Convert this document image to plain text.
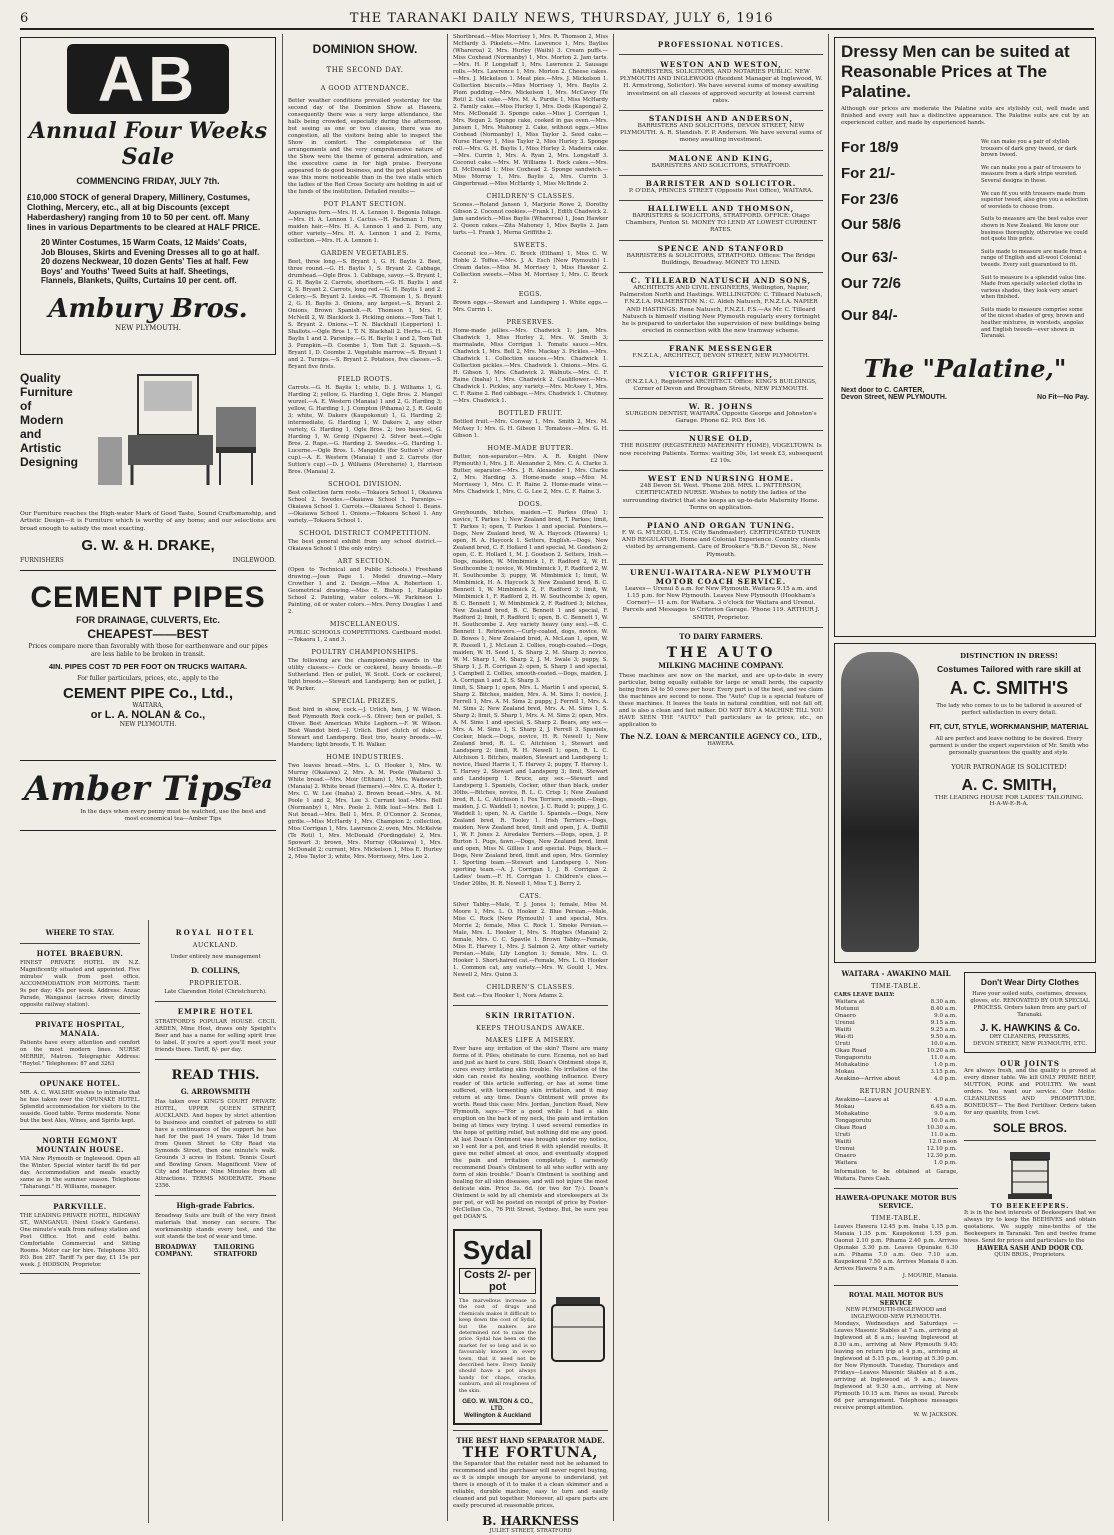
6	THE TARANAKI DAILY NEWS, THURSDAY, JULY 6, 1916
AB
Annual Four Weeks Sale
COMMENCING FRIDAY, JULY 7th.
£10,000 STOCK of general Drapery, Millinery, Costumes, Clothing, Mercery, etc., all at big Discounts (except Haberdashery) ranging from 10 to 50 per cent. off. Many lines in various Departments to be cleared at HALF PRICE.
20 Winter Costumes, 15 Warm Coats, 12 Maids' Coats, Job Blouses, Skirts and Evening Dresses all to go at half. 20 dozens Neckwear, 10 dozen Gents' Ties at half. Few Boys' and Youths' Tweed Suits at half. Sheetings, Flannels, Blankets, Quilts, Curtains 10 per cent. off.
Ambury Bros.
NEW PLYMOUTH.
Quality
Furniture
of
Modern
and
Artistic
Designing
Our Furniture reaches the High-water Mark of Good Taste, Sound Craftsmanship, and Artistic Design—it is Furniture which is worthy of any home; and our selections are broad enough to satisfy the most exacting.
G. W. & H. DRAKE,
FURNISHERS	INGLEWOOD.
CEMENT PIPES
FOR DRAINAGE, CULVERTS, Etc.
CHEAPEST——BEST
Prices compare more than favorably with those for earthenware and our pipes are less liable to be broken in transit.
4IN. PIPES COST 7D PER FOOT ON TRUCKS WAITARA.
For fuller particulars, prices, etc., apply to the
CEMENT PIPE Co., Ltd.,
WAITARA,
or L. A. NOLAN & Co.,
NEW PLYMOUTH.
Amber Tips
Tea
In the days when every penny must be watched, use the best and most economical tea—Amber Tips
WHERE TO STAY.
HOTEL BRAEBURN.
FINEST PRIVATE HOTEL IN N.Z. Magnificently situated and appointed. Five minutes' walk from post office. ACCOMMODATION FOR MOTORS. Tariff: 9s per day; 45s per week. Address: Anzac Parade, Wanganui (across river, directly opposite railway station).
PRIVATE HOSPITAL, MANAIA.
Patients have every attention and comfort on the most modern lines. NURSE MERRIE, Matron. Telegraphic Address: "Roytel." Telephones: 87 and 3263
OPUNAKE HOTEL.
MR. A. C. WALSHE wishes to intimate that he has taken over the OPUNAKE HOTEL. Splendid accommodation for visitors to the seaside. Good table. Terms moderate. None but the best Ales, Wines, and Spirits kept.
NORTH EGMONT MOUNTAIN HOUSE.
VIA New Plymouth or Inglewood. Open all the Winter. Special winter tariff 8s 6d per day. Accommodation and meals exactly same as in the summer season. Telephone "Taharangi." H. Williams, manager.
PARKVILLE.
THE LEADING PRIVATE HOTEL, RIDGWAY ST., WANGANUI. (Next Cook's Gardens). One minute's walk from railway station and Post Office. Hot and cold baths. Comfortable Commercial and Sitting Rooms. Motor car for hire. Telephone 303. P.O. Box 287. Tariff 7s per day, £1 15s per week. J. HODSON, Proprietor.
ROYAL HOTEL
AUCKLAND.
Under entirely new management
D. COLLINS,
PROPRIETOR.
Late Clarendon Hotel (Christchurch).
EMPIRE HOTEL
STRATFORD'S POPULAR HOUSE. CECIL ARDEN, Mine Host, draws only Speight's Beer and has a name for selling spirit true to label. If you're a sport you'll meet your friends there. Tariff, 6/- per day.
READ THIS.
G. ARROWSMITH
Has taken over KING'S COURT PRIVATE HOTEL, UPPER QUEEN STREET, AUCKLAND. And hopes by strict attention to business and comfort of patrons to still have a continuance of the support he has had for the past 14 years. Take 1d tram from Queen Street to City Road via Symonds Street, then one minute's walk. Grounds 3 acres in Extent. Tennis Court and Bowling Green. Magnificent View of City and Harbour. Nine Minutes from all Attractions. TERMS MODERATE. Phone 2356.
High-grade Fabrics.
Broadway Suits are built of the very finest materials that money can secure. The workmanship stands every test, and the suit stands the test of wear and time.
BROADWAY COMPANY.
TAILORING STRATFORD
DOMINION SHOW.
THE SECOND DAY.
A GOOD ATTENDANCE.
Better weather conditions prevailed yesterday for the second day of the Dominion Show at Hawera, consequently there was a very large attendance, the halls being crowded, especially during the afternoon, but seeing as one or two classes, there was no congestion, all the visitors being able to inspect the Show in comfort. The completeness of the arrangements and the very comprehensive nature of the Show were the theme of general admiration, and the executive came in for high praise. Everyone appeared to do good business, and the pot plant section was this more noticeable than in the two stalls which the ladies of the Red Cross Society are holding in aid of the funds of the institution. Detailed results:—
POT PLANT SECTION.
Asparagus fern.—Mrs. H. A. Lennon 1. Begonia foliage.—Mrs. H. A. Lennon 1. Cactus.—H. Packman 1. Fern, maiden hair.—Mrs. H. A. Lennon 1 and 2. Fern, any other variety.—Mrs. H. A. Lennon 1 and 2. Ferns, collection.—Mrs. H. A. Lennon 1.
GARDEN VEGETABLES.
Beet, three long.—S. Bryant 1, G. H. Baylis 2. Beet, three round.—G. H. Baylis 1, S. Bryant 2. Cabbage, drumhead.—Ogle Bros. 1. Cabbage, savoy.—S. Bryant 1, G. H. Baylis 2. Carrots, shorthorn.—G. H. Baylis 1 and 2, S. Bryant 2. Carrots, long red.—G. H. Baylis 1 and 2. Celery.—S. Bryant 2. Leeks.—R. Thomson 1, S. Bryant 2, G. H. Baylis 3. Onions, any largest.—S. Bryant 2. Onions, Brown Spanish.—R. Thomson 1, Mrs. F. McNeill 2, W. Blacklock 3. Pickling onions.—Tom Tait 1, S. Bryant 2. Onions.—T. N. Blackhall (Lepperton) 1. Shallots.—Ogle Bros 1, T. N. Blackhall 2. Herbs.—G. H. Baylis 1 and 2. Parsnips.—G. H. Baylis 1 and 2, Tom Tait 3. Pumpkin.—D. Coombe 1, Tom Tait 2. Squash.—S. Bryant 1, D. Coombe 2. Vegetable marrow.—S. Bryant 1 and 2. Turnips.—S. Bryant 2. Potatoes, five classes.—S. Bryant five firsts.
FIELD ROOTS.
Carrots.—G. H. Baylis 1; white, D. J. Williams 1, G. Harding 2; yellow, G. Harding 1, Ogle Bros. 2. Mangel wurzel.—A. E. Western (Manaia) 1 and 2, G. Harding 3; yellow, G. Harding 1, J. Compton (Pihama) 2, J. R. Gould 3; white, W. Dakers (Kaupokonui) 1, G. Harding 2; intermediate, G. Harding 1, W. Dakers 2, any other variety, G. Harding 1, Ogle Bros. 2; two heaviest, G. Harding 1, W. Greig (Ngaere) 2. Silver beet.—Ogle Bros. 2. Rape.—G. Harding 2. Swedes.—G. Harding 1. Lucerne.—Ogle Bros. 1. Mangolds (for Sutton's' silver cup).—A. E. Western (Manaia) 1 and 2. Carrots (for Sutton's cup).—D. J. Williams (Mereherie) 1, Harrison Bros. (Manaia) 2.
SCHOOL DIVISION.
Best collection farm roots.—Tokaora School 1, Okaiawa School 2. Swedes.—Okaiawa School 1. Parsnips.—Okaiawa School 1. Carrots.—Okaiawa School 1. Beans.—Okaiawa School 1. Onions.—Tokaora School 1. Any variety.—Tokaora School 1.
SCHOOL DISTRICT COMPETITION.
The best general exhibit from any school district.—Okaiawa School 1 (the only entry).
ART SECTION.
(Open to Technical and Public Schools.) Freehand drawing.—Joan Page 1. Model drawing.—Mary Crowther 1 and 2. Design.—Miss A. Robertson 1. Geometrical drawing.—Miss E. Bishop 1, Eatapiko School 2. Painting, water colors.—W. Parkinson 1. Painting, oil or water colors.—Mrs. Percy Douglas 1 and 2.
MISCELLANEOUS.
PUBLIC SCHOOLS COMPETITIONS. Cardboard model.—Tokaora 1, 2 and 3.
POULTRY CHAMPIONSHIPS.
The following are the championship awards in the utility classes:— Cock or cockerel, heavy breeds.—P. Sutherland. Hen or pullet, W. Scott. Cock or cockerel, light breeds.—Stewart and Landsperg; hen or pullet, J. W. Parker.
SPECIAL PRIZES.
Best bird in show, cock.—J. Urlich, hen, J. W. Wilson. Best Plymouth Rock cock.—S. Oliver; hen or pullet, S. Oliver. Best American White Leghorn.—F. W. Wilson. Best Wandot bird.—J. Urlich. Best clutch of duks.—Stewart and Landsperg. Best trio, heavy breeds.—W. Manders; light breeds, T. H. Walker.
HOME INDUSTRIES.
Two loaves bread.—Mrs. L. O. Hooker 1, Mrs. W. Murray (Okaiawa) 2, Mrs. A. M. Poole (Waitara) 3. White bread.—Mrs. Moir (Eltham) 1, Mrs. Wadsworth (Manaia) 2. White bread (farmers).—Mrs. C. A. Roder 1, Mrs. C. W. Lee (Inaha) 2. Brown bread.—Mrs. A. M. Poole 1 and 2, Mrs. Lee 3. Currant loaf.—Mrs. Bell (Normanby) 1, Mrs. Poole 2. Milk loaf.—Mrs. Bell 1. Nut bread.—Mrs. Bell 1, Mrs. P. O'Connor 2. Scones, girdle.—Miss McHardy 1, Mrs. Champion 2; collection, Miss Corrigan 1, Mrs. Lawrence 2; oven, Mrs. McKelvie (Te Roti) 1, Mrs. McDonald (Fordingdale) 2, Mrs. Spowart 3; brown, Mrs. Murray (Okaiawa) 1, Mrs. McDonald 2; currant, Mrs. Mickelson 1, Miss E. Hurley 2, Miss Taylor 3; white, Mrs. Morrissey, Mrs. Lee 2.
Shortbread.—Miss Morrisey 1, Mrs. R. Thomson 2, Miss McHardy 3. Pikelets.—Mrs. Lawrence 1, Mrs. Bayliss (Whareroa) 2, Mrs. Hurley (Waihi) 3. Cream puffs.—Miss Coxhead (Normanby) 1, Mrs. Morton 2. Jam tarts.—Mrs. H. P. Longstaff 1, Mrs. Lawrence 2. Sausage rolls.—Mrs. Lawrence 1, Mrs. Morton 2. Cheese cakes.—Mrs. J. Mickelson 1. Meat pies.—Mrs. J. Mickelson 1. Collection biscuits.—Miss Morrisey 1, Mrs. Baylis 2. Plum pudding.—Mrs. Mickelson 1, Mrs. McCavey (Te Roti) 2. Oat cake.—Mrs. M. A. Purdie 1, Miss McHardy 2. Family cake.—Miss Hurley 1, Mrs. Dods (Kaponga) 2, Mrs. McDonald 3. Sponge cake.—Miss J. Corrigan 1, Mrs. Regan 2. Sponge cake, cooked in gas oven.—Mrs. Jansen 1, Mrs. Mahoney 2. Cake, without eggs.—Miss Coxhead (Normanby) 1, Miss Taylor 2. Seed cake.—Nurse Harvey 1, Miss Taylor 2, Miss Hurley 3. Sponge roll.—Mrs. G. H. Baylis 1, Miss Hurley 2. Madeira cake.—Mrs. Currin 1, Mrs. A. Ryan 2, Mrs. Longstaff 3. Coconut cake.—Mrs. M. Williams 1. Rock cakes.—Mrs. D. McDonald 1; Miss Coxhead 2. Sponge sandwich.—Miss Morray 1, Mrs. Baylis 2, Mrs. Currin 3. Gingerbread.—Miss McHardy 1, Miss McBride 2.
CHILDREN'S CLASSES.
Scones.—Roland Jansen 1, Marjorie Rowe 2, Dorothy Gibson 2. Coconut cookies.—Frank 1, Edith Chadwick 2. Jam sandwich.—Miss Baylis (Whareroa) 1, Joan Hawker 2. Queen cakes.—Zita Mahoney 1, Miss Baylis 2. Jam tarts.—I. Frank 1, Merna Griffiths 2.
SWEETS.
Coconut ice.—Mrs. C. Brock (Eltham) 1, Miss C. W. Hoble 2. Toffee.—Mrs. J. A. Esch (New Plymouth) 1. Cream dates.—Miss M. Morrisey 1, Miss Hawker 2. Collection sweets.—Miss M. Morrisey 1, Mrs. C. Brock 2.
EGGS.
Brown eggs.—Stewart and Landsperg 1. White eggs.—Mrs. Currin 1.
PRESERVES.
Home-made jellies.—Mrs. Chadwick 1; jam, Mrs. Chadwick 1, Miss Hurley 2, Mrs. W. Smith 3; marmalade, Miss Corrigan 1. Tomato sauce.—Mrs. Chadwick 1, Mrs. Bell 2, Mrs. Mackay 3. Pickles.—Mrs. Chadwick 1. Collection sauces.—Mrs. Chadwick 1. Collection pickles.—Mrs. Chadwick 1. Onions.—Mrs. G. H. Gibson 1, Mrs. Chadwick 2. Walnuts.—Mrs. C. F. Raine (Inaha) 1, Mrs. Chadwick 2. Cauliflower.—Mrs. Chadwick 1. Pickles, any variety.—Mrs. McAsey 1, Mrs. C. F. Raine 2. Red cabbage.—Mrs. Chadwick 1. Chutney.—Mrs. Chadwick 1.
BOTTLED FRUIT.
Bottled fruit.—Mrs. Conway 1, Mrs. Smith 2, Mrs. M. McAsey 1; Mrs. G. H. Gibson 1. Tomatoes.—Mrs. G. H. Gibson 1.
HOME-MADE BUTTER.
Butter, non-separator.—Mrs. A. R. Knight (New Plymouth) 1, Mrs. J. E. Alexander 2, Mrs. C. A. Clarke 3. Butter, separator.—Mrs. J. R. Alexander 1, Mrs. Clarke 2, Mrs. Harding 3. Home-made soap.—Miss M. Morrissey 1, Mrs. C. F. Raine 2. Home-made wine.—Mrs. Chadwick 1, Mrs. C. G. Lee 2, Mrs. C. F. Raine 3.
DOGS.
Greyhounds, bitches, maiden.—T. Parkes (Hea) 1; novice, T. Parkes 1; New Zealand bred, T. Parkes; limit, T. Parkes 1; open, T. Parkes 1 and special. Pointers.—Dogs, New Zealand bred, W. A. Haycock (Hawera) 1; open, H. A. Haycock 1. Setters, English.—Dogs, New Zealand bred, C. F. Hollard 1 and special, M. Goodson 2; open, C. E. Hollard 1, M. J. Goodson 2. Setters, Irish.—Dogs, maiden, W. Mimbimick 1, F. Radford 2, W. H. Southcombe 3; novice, W. Mimbimick 1, F. Radford 2, W. H. Southcombe 3; puppy, W. Mimbimick 1; limit, W. Mimbimick, H. A. Haycock 3; New Zealand bred, B. C. Bennett 1, W. Mimbimick 2, F. Radford 3; limit, W. Mimbimick 1, F. Radford 2, H. W. Southcombe 3; open, B. C. Bennett 1, W. Mimbimick 2, F. Radford 3; bitches, New Zealand bred, B. C. Bennett 1 and special, F. Radford 2; limit, F. Radford 1; open, B. C. Bennett 1, W. H. Southcombe 2. Any variety heavy (any sex).—B. C. Bennett 1. Retrievers.—Curly-coated, dogs, novice, W. D. Bowes 1, New Zealand bred, A. McLean 1, open, W. R. Russell 1, J. McLean 2. Collies, rough-coated.—Dogs, maiden, W. H. Seed 1, S. Sharp 2, M. Sharp 3; novice, W. M. Sharp 1, M. Sharp 2, J. M. Swale 3; puppy, S. Sharp 1, J. R. Corrigan 2; open, S. Sharp 1 and special, J. Campbell 2. Collies, smooth-coated.—Dogs, maiden, J. A. Corrigan 1 and 2, S. Sharp 3.
limit, S. Sharp 1; open, Mrs. L. Martin 1 and special, S. Sharp 2. Bitches, maiden, Mrs. A. M. Sims 1; novice, J. Ferrell 1, Mrs. A. M. Sims 2; puppy, J. Ferrell 1, Mrs. A. M. Sims 2; New Zealand bred, Mrs. A. M. Sims 1, S. Sharp 2; limit, S. Sharp 1, Mrs. A. M. Sims 2; open, Mrs. A. M. Sims 1 and special, S. Sharp 2. Bears, any sex.—Mrs. A. M. Sims 1, S. Sharp 2, J. Ferrell 3. Spaniels, Cocker, black.—Dogs, novice, H. R. Newell 1; New Zealand bred, R. L. C. Aitchison 1, Stewart and Landsperg 2; limit, R. H. Newell 1; open, R. L. C. Aitchison 1. Bitches, maiden, Stewart and Landsperg 1; novice, Hazel Harris 1, T. Harvey 2; puppy, T. Harvey 1, T. Harvey 2, Stewart and Landsperg 3; limit, Stewart and Landsperg 1. Bruce, any sex.—Stewart and Landsperg 1. Spaniels, Cocker, other than black, under 30lbs.—Bitches, novice, R. L. C. Crisp 1; New Zealand bred, R. L. C. Aitchison 1. Fox Terriers, smooth.—Dogs, maiden, J. C. Waddell 1; novice, J. C. Rudd 1; puppy, J. C. Waddell 1; open, N. A. Carlile 1. Spaniels.—Dogs, New Zealand bred, R. Tooley 1. Irish Terriers.—Dogs, maiden, New Zealand bred, limit and open, J. A. Duffill 1, W. F. Jones 2. Airedales Terriers.—Dogs, open, J. P. Burton 1. Pugs, fawn.—Dogs, New Zealand bred, limit and open, Miss N. Gillies 1 and special. Pugs, black.—Dogs, New Zealand bred, limit and open, Mrs. Gormley 1. Sporting team.—Stewart and Landsperg 1. Non-sporting team.—A. J. Corrigan 1, J. B. Corrigan 2. Ladies' team.—F. H. Corrigan 1. Children's class.—Under 20lbs, H. R. Newell 1, Miss T. J. Berry 2.
CATS.
Silver Tabby.—Male, T. J. Jones 1; female, Miss M. Moore 1, Mrs. L. O. Hooker 2. Blue Persian.—Male, Miss C. Rock (New Plymouth) 1 and special, Mrs. Morrie 2; female, Miss C. Rock 1. Smoke Persian.—Male, Mrs. L. Hooker 1, Mrs. S. Hughes (Manaia) 2; female, Mrs. C. C. Spavile 1. Brown Tabby.—Female, Miss E. Harvey 1, Mrs. J. Salmon 2. Any other variety Persian.—Male, Lily Longton 1; female, Mrs. L. O. Hooker 1. Short-haired cat.—Female, Mrs. L. O. Hooker 1. Common cat, any variety.—Mrs. W. Gould 1, Mrs. Newell 2, Mrs. Quinn 3.
CHILDREN'S CLASSES.
Best cat.—Eva Hooker 1, Nora Adams 2.
SKIN IRRITATION.
KEEPS THOUSANDS AWAKE.
MAKES LIFE A MISERY.
Ever have any irritation of the skin? There are many forms of it. Piles, obstinate to cure. Eczema, not so bad and just as hard to cure. Still, Doan's Ointment stops it, cures every irritating skin trouble. No irritation of the skin can resist its healing, soothing influence. Every reader of this article suffering, or has at some time suffered, with tormenting skin irritation, and it may return at any time. Doan's Ointment will prove its worth. Read this case: Mrs. Jordan, Junction Road, New Plymouth, says:—"For a good while I had a skin eruption on the back of my neck, the pain and irritation being at times very trying. I used several remedies in the hope of getting relief, but nothing did me any good. At last Doan's Ointment was brought under my notice, so I sent for a pot, and tried it with splendid results. It gave me relief almost at once, and eventually stopped the pain and irritation completely. I earnestly recommend Doan's Ointment to all who suffer with any form of skin trouble." Doan's Ointment is soothing and healing for all skin diseases, and will not injure the most delicate skin. Price 3s. 6d. (or two for 7/-). Doan's Ointment is sold by all chemists and storekeepers at 3s per pot, or will be posted on receipt of price by Foster-McClellan Co., 76 Pitt Street, Sydney. But, be sure you get DOAN'S.
Sydal
Costs 2/- per pot
The marvellous increase in the cost of drugs and chemicals makes it difficult to keep down the cost of Sydal, but the makers are determined not to raise the price. Sydal has been on the market for so long and is so favourably known in every town, that it need not be described here. Every family should have a pot always handy for chaps, cracks, sunburn, and all roughness of the skin.
GEO. W. WILTON & CO., LTD.
Wellington & Auckland
THE BEST HAND SEPARATOR MADE.
THE FORTUNA,
the Separator that the retailer need not be ashamed to recommend and the purchaser will never regret buying, as it is simple enough for anyone to understand, yet there is enough of it to make it a clean skimmer and a reliable, durable machine, easy to turn and easily cleaned and put together. Moreover, all spare parts are easily procured at reasonable prices.
B. HARKNESS
JULIET STREET, STRATFORD
Dressy Men can be suited at Reasonable Prices at The Palatine.
Although our prices are moderate the Palatine suits are stylishly cut, well made and finished and every suit has a distinctive appearance. The Palatine suits are cut by an experienced cutter, and made by experienced hands.
For 18/9	We can make you a pair of stylish trousers of dark grey tweed, or dark brown tweed.
For 21/-	We can make you a pair of trousers to measure from a dark stripe worsted. Several designs in these.
For 23/6	We can fit you with trousers made from superior tweed, also give you a selection of worsteds to choose from.
Our 58/6	Suits to measure are the best value ever shown in New Zealand. We know our business thoroughly, otherwise we could not quote this price.
Our 63/-	Suits made to measure are made from a range of English and all-wool Colonial tweeds. Every suit guaranteed to fit.
Our 72/6	Suit to measure is a splendid value line. Made from specially selected cloths in various shades, they look very smart when finished.
Our 84/-	Suits made to measure comprise some of the nicest shades of grey, brown and heather mixtures, in worsteds, angolas and English tweeds—ever shown in Taranaki.
The "Palatine,"
Next door to C. CARTER,
Devon Street, NEW PLYMOUTH.	No Fit—No Pay.
DISTINCTION IN DRESS!
Costumes Tailored with rare skill at
A. C. SMITH'S
The lady who comes to us to be tailored is assured of perfect satisfaction in every detail.
FIT, CUT, STYLE, WORKMANSHIP, MATERIAL
All are perfect and leave nothing to be desired. Every garment is under the expert supervision of Mr. Smith who personally guarantees the quality and style.
YOUR PATRONAGE IS SOLICITED!
A. C. SMITH,
THE LEADING HOUSE FOR LADIES' TAILORING.
H-A-W-E-R-A.
WAITARA - AWAKINO MAIL
TIME-TABLE.
CARS LEAVE DAILY:
Waitara at	8.30 a.m.
Motunui	8.40 a.m.
Onaero	9.0 a.m.
Urenui	9.15 a.m.
Waiiti	9.25 a.m.
Wai-iti	9.50 a.m.
Uruti	10.0 a.m.
Okau Road	10.20 a.m.
Tongaporutu	11.0 a.m.
Mohakatino	1.0 p.m.
Mokau	3.15 p.m.
Awakino—Arrive about	4.0 p.m.
RETURN JOURNEY.
Awakino—Leave at	4.0 a.m.
Mokau	6.45 a.m.
Mohakatino	9.0 a.m.
Tongaporutu	10.0 a.m.
Okau Road	10.30 a.m.
Uruti	11.0 a.m.
Waiiti	12.0 noon
Urenui	12.10 p.m.
Onaero	12.30 p.m.
Waitara	1.0 p.m.
Information to be obtained at Garage, Waitara. Fares Cash.
HAWERA-OPUNAKE MOTOR BUS SERVICE.
TIME-TABLE.
Leaves Hawera 12.45 p.m. Inaha 1.15 p.m. Manaia 1.35 p.m. Kaupokonui 1.55 p.m. Oaonui 2.10 p.m. Pihama 2.40 p.m. Arrives Opunake 3.30 p.m. Leaves Opunake 6.30 a.m. Pihama 7.0 a.m. Oeo 7.10 a.m. Kaupokonui 7.50 a.m. Arrives Manaia 8 a.m. Arrives Hawera 9 a.m.
J. MOURIE, Manaia.
ROYAL MAIL MOTOR BUS SERVICE
NEW PLYMOUTH-INGLEWOOD and INGLEWOOD-NEW PLYMOUTH.
Mondays, Wednesdays and Saturdays —Leaves Masonic Stables at 7 a.m., arriving at Inglewood at 8 a.m.; leaving Inglewood at 8.30 a.m., arriving at New Plymouth 9.45; leaving on return trip at 4 p.m., arriving at Inglewood at 5.15 p.m., leaving at 5.30 p.m. for New Plymouth. Tuesday, Thursdays and Fridays—Leaves Masonic Stables at 8 a.m., arriving at Inglewood at 9 a.m.; leaves Inglewood at 9.30 a.m., arriving at New Plymouth 10.15 a.m. Fares as usual. Parcels 6d per arrangement. Telephone messages receive prompt attention.
W. W. JACKSON.
Don't Wear Dirty Clothes
Have your soiled suits, costumes, dresses, gloves, etc. RENOVATED BY OUR SPECIAL PROCESS. Orders taken from any part of Taranaki.
J. K. HAWKINS & Co.
DRY CLEANERS, PRESSERS,
DEVON STREET, NEW PLYMOUTH, ETC.
OUR JOINTS
Are always fresh, and the quality is proved at every dinner table. We kill ONLY PRIME BEEF, MUTTON, PORK and POULTRY. We want orders. You want our service. Our Motto: CLEANLINESS AND PROMPTITUDE. BONEDUST— The Best Fertiliser. Orders taken for any quantity, from 1cwt.
SOLE BROS.
TO BEEKEEPERS.
It is in the best interests of Beekeepers that we always try to keep the BEEHIVES and obtain quotations. We supply nine-tenths of the Beekeepers in Taranaki. Ten and twelve frame hives. Send for prices and particulars to the
HAWERA SASH AND DOOR CO.
QUIN BROS., Proprietors.
PROFESSIONAL NOTICES.
WESTON AND WESTON,
BARRISTERS, SOLICITORS, AND NOTARIES PUBLIC. NEW PLYMOUTH AND INGLEWOOD (Resident Manager at Inglewood, W. H. Armstrong, Solicitor). We have several sums of money awaiting investment on all classes of approved security at lowest current rates.
STANDISH AND ANDERSON,
BARRISTERS AND SOLICITORS, DEVON STREET, NEW PLYMOUTH. A. R. Standish. F. P. Anderson. We have several sums of money awaiting investment.
MALONE AND KING,
BARRISTERS AND SOLICITORS, STRATFORD.
BARRISTER AND SOLICITOR.
P. O'DEA, PRINCES STREET (Opposite Post Office), WAITARA.
HALLIWELL AND THOMSON,
BARRISTERS & SOLICITORS, STRATFORD. OFFICE: Otago Chambers, Fenton St. MONEY TO LEND AT LOWEST CURRENT RATES.
SPENCE AND STANFORD
BARRISTERS & SOLICITORS, STRATFORD. Offices: The Bridge Buildings, Broadway. MONEY TO LEND.
C. TILLEARD NATUSCH AND SONS,
ARCHITECTS AND CIVIL ENGINEERS, Wellington, Napier, Palmerston North and Hastings. WELLINGTON: C. Tilleard Natusch, F.N.Z.I.A. PALMERSTON N.: C. Aldeh Natusch, F.N.Z.I.A. NAPIER AND HASTINGS: Rene Natusch, F.N.Z.I. F.S.—As Mr. C. Tilleard Natusch is himself visiting New Plymouth regularly every fortnight he is prepared to undertake the supervision of new buildings being erected in connection with the new tramway scheme.
FRANK MESSENGER
F.N.Z.I.A., ARCHITECT, DEVON STREET, NEW PLYMOUTH.
VICTOR GRIFFITHS,
(F.N.Z.I.A.), Registered ARCHITECT. Office: KING'S BUILDINGS, Corner of Devon and Brougham Streets, NEW PLYMOUTH.
W. R. JOHNS
SURGEON DENTIST, WAITARA. Opposite George and Johnston's Garage. Phone 62. P.O. Box 16.
NURSE OLD,
THE ROSERY (REGISTERED MATERNITY HOME), VOGELTOWN. Is now receiving Patients. Terms: waiting 30s, 1st week £3, subsequent £2 10s.
WEST END NURSING HOME.
248 Devon St. West. 'Phone 208. MRS. L. PATTERSON, CERTIFICATED NURSE. Wishes to notify the ladies of the surrounding district that she keeps an up-to-date Maternity Home. Terms on application.
PIANO AND ORGAN TUNING.
F. W. G. M'LEOD, L.T.S. (City Bandmaster). CERTIFICATED TUNER AND REGULATOR. Home and Colonial Experience. Country clients visited by arrangement. Care of Brooker's "B.B." Devon St., New Plymouth.
URENUI-WAITARA-NEW PLYMOUTH MOTOR COACH SERVICE.
Leaves— Urenui 8 a.m. for New Plymouth. Waitara 9.15 a.m. and 1.15 p.m. for New Plymouth. Leaves New Plymouth (Hookham's Corner)— 11 a.m. for Waitara. 3 o'clock for Waitara and Urenui. Parcels and Messages to Criterion Garage. 'Phone 119. ARTHUR J. SMITH, Proprietor.
TO DAIRY FARMERS.
THE AUTO
MILKING MACHINE COMPANY.
These machines are now on the market, and are up-to-date in every particular, being equally suitable for large or small herds, the capacity being from 24 to 50 cows per hour. Every part is of the best, and we claim the machines are second to none. The "Auto" Cup is a special feature of these machines. It leaves the teats in natural condition, will not fall off, and is also a clean and fast milker. DO NOT BUY A MACHINE TILL YOU HAVE SEEN THE "AUTO." Full particulars as to prices, etc., on application to
The N.Z. LOAN & MERCANTILE AGENCY CO., LTD.,
HAWERA.
